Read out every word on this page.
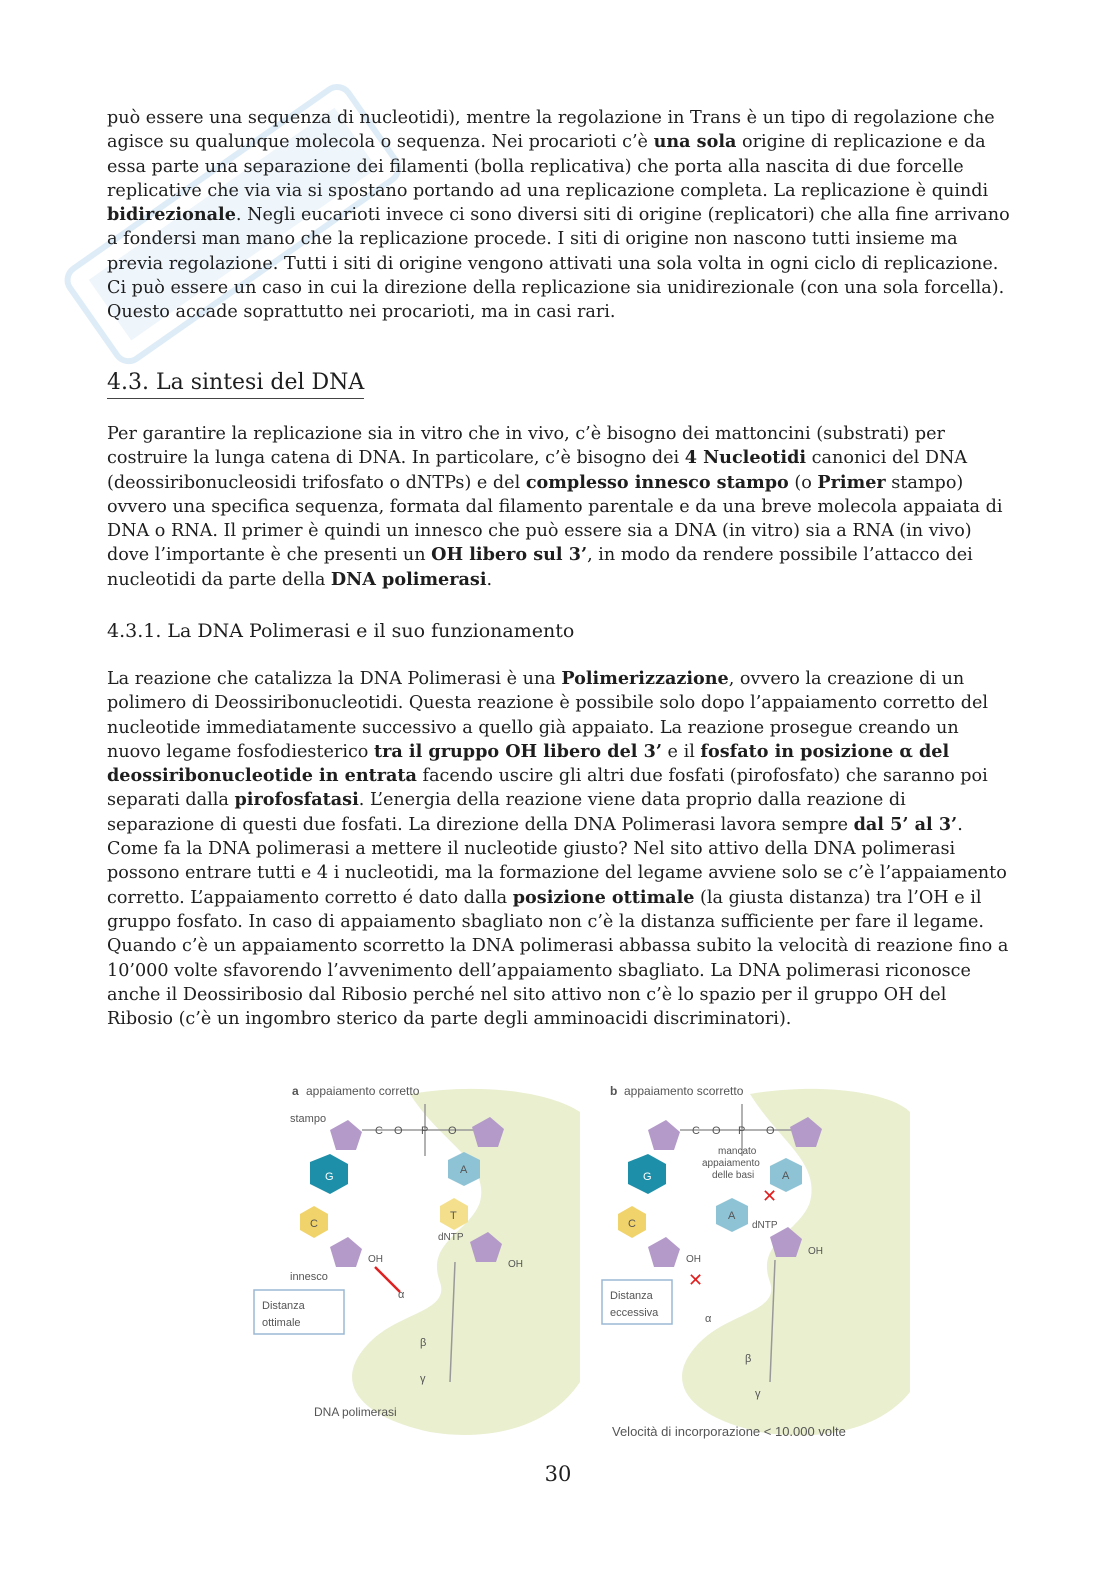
può essere una sequenza di nucleotidi), mentre la regolazione in Trans è un tipo di regolazione che agisce su qualunque molecola o sequenza. Nei procarioti c’è una sola origine di replicazione e da essa parte una separazione dei filamenti (bolla replicativa) che porta alla nascita di due forcelle replicative che via via si spostano portando ad una replicazione completa. La replicazione è quindi bidirezionale. Negli eucarioti invece ci sono diversi siti di origine (replicatori) che alla fine arrivano a fondersi man mano che la replicazione procede. I siti di origine non nascono tutti insieme ma previa regolazione. Tutti i siti di origine vengono attivati una sola volta in ogni ciclo di replicazione.
Ci può essere un caso in cui la direzione della replicazione sia unidirezionale (con una sola forcella). Questo accade soprattutto nei procarioti, ma in casi rari.
4.3. La sintesi del DNA
Per garantire la replicazione sia in vitro che in vivo, c’è bisogno dei mattoncini (substrati) per costruire la lunga catena di DNA. In particolare, c’è bisogno dei 4 Nucleotidi canonici del DNA (deossiribonucleosidi trifosfato o dNTPs) e del complesso innesco stampo (o Primer stampo) ovvero una specifica sequenza, formata dal filamento parentale e da una breve molecola appaiata di DNA o RNA. Il primer è quindi un innesco che può essere sia a DNA (in vitro) sia a RNA (in vivo) dove l’importante è che presenti un OH libero sul 3’, in modo da rendere possibile l’attacco dei nucleotidi da parte della DNA polimerasi.
4.3.1. La DNA Polimerasi e il suo funzionamento
La reazione che catalizza la DNA Polimerasi è una Polimerizzazione, ovvero la creazione di un polimero di Deossiribonucleotidi. Questa reazione è possibile solo dopo l’appaiamento corretto del nucleotide immediatamente successivo a quello già appaiato. La reazione prosegue creando un nuovo legame fosfodiesterico tra il gruppo OH libero del 3’ e il fosfato in posizione α del deossiribonucleotide in entrata facendo uscire gli altri due fosfati (pirofosfato) che saranno poi separati dalla pirofosfatasi. L’energia della reazione viene data proprio dalla reazione di separazione di questi due fosfati. La direzione della DNA Polimerasi lavora sempre dal 5’ al 3’. Come fa la DNA polimerasi a mettere il nucleotide giusto? Nel sito attivo della DNA polimerasi possono entrare tutti e 4 i nucleotidi, ma la formazione del legame avviene solo se c’è l’appaiamento corretto. L’appaiamento corretto é dato dalla posizione ottimale (la giusta distanza) tra l’OH e il gruppo fosfato. In caso di appaiamento sbagliato non c’è la distanza sufficiente per fare il legame. Quando c’è un appaiamento scorretto la DNA polimerasi abbassa subito la velocità di reazione fino a 10’000 volte sfavorendo l’avvenimento dell’appaiamento sbagliato. La DNA polimerasi riconosce anche il Deossiribosio dal Ribosio perché nel sito attivo non c’è lo spazio per il gruppo OH del Ribosio (c’è un ingombro sterico da parte degli amminoacidi discriminatori).
a appaiamento corretto
stampo
C O P O
G
C
OH
innesco
A
T
dNTP
OH
α
β
γ
Distanza
ottimale
DNA polimerasi
b appaiamento scorretto
C O P O
G
C
OH
A
mancato
appaiamento
delle basi
✕
A
dNTP
OH
✕
α
β
γ
Distanza
eccessiva
Velocità di incorporazione < 10.000 volte
30
